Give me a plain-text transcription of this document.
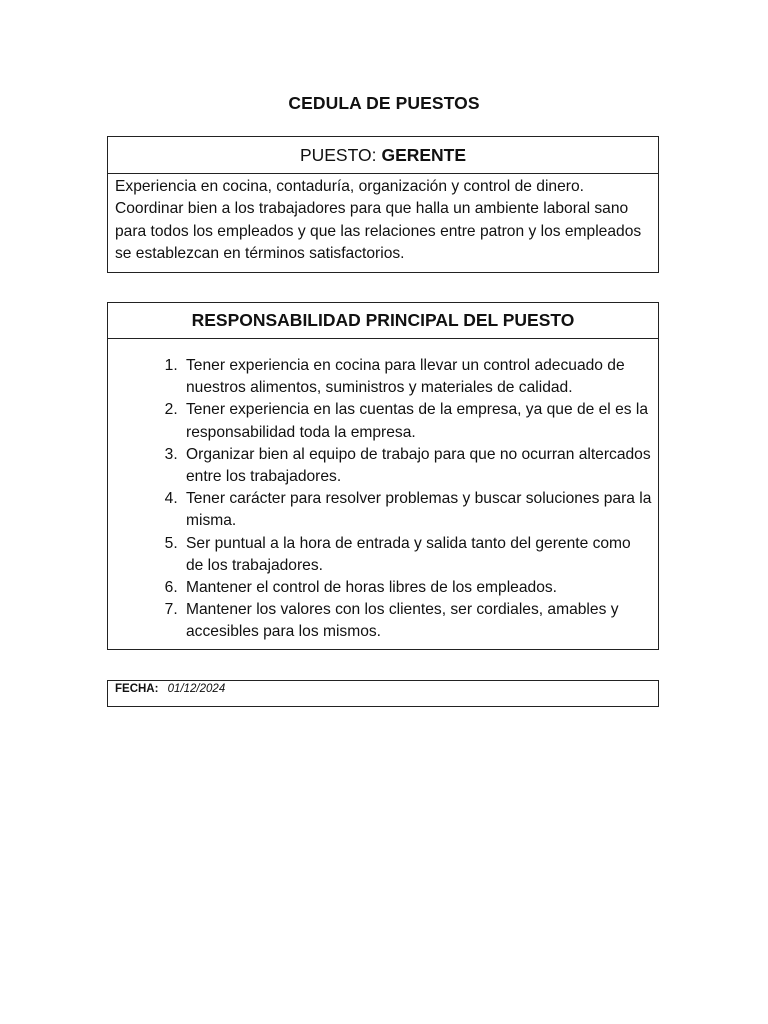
CEDULA DE PUESTOS
PUESTO: GERENTE

Experiencia en cocina, contaduría, organización y control de dinero. Coordinar bien a los trabajadores para que halla un ambiente laboral sano para todos los empleados y que las relaciones entre patron y los empleados se establezcan en términos satisfactorios.

RESPONSABILIDAD PRINCIPAL DEL PUESTO
1. Tener experiencia en cocina para llevar un control adecuado de nuestros alimentos, suministros y materiales de calidad.
2. Tener experiencia en las cuentas de la empresa, ya que de el es la responsabilidad toda la empresa.
3. Organizar bien al equipo de trabajo para que no ocurran altercados entre los trabajadores.
4. Tener carácter para resolver problemas y buscar soluciones para la misma.
5. Ser puntual a la hora de entrada y salida tanto del gerente como de los trabajadores.
6. Mantener el control de horas libres de los empleados.
7. Mantener los valores con los clientes, ser cordiales, amables y accesibles para los mismos.
FECHA: 01/12/2024
